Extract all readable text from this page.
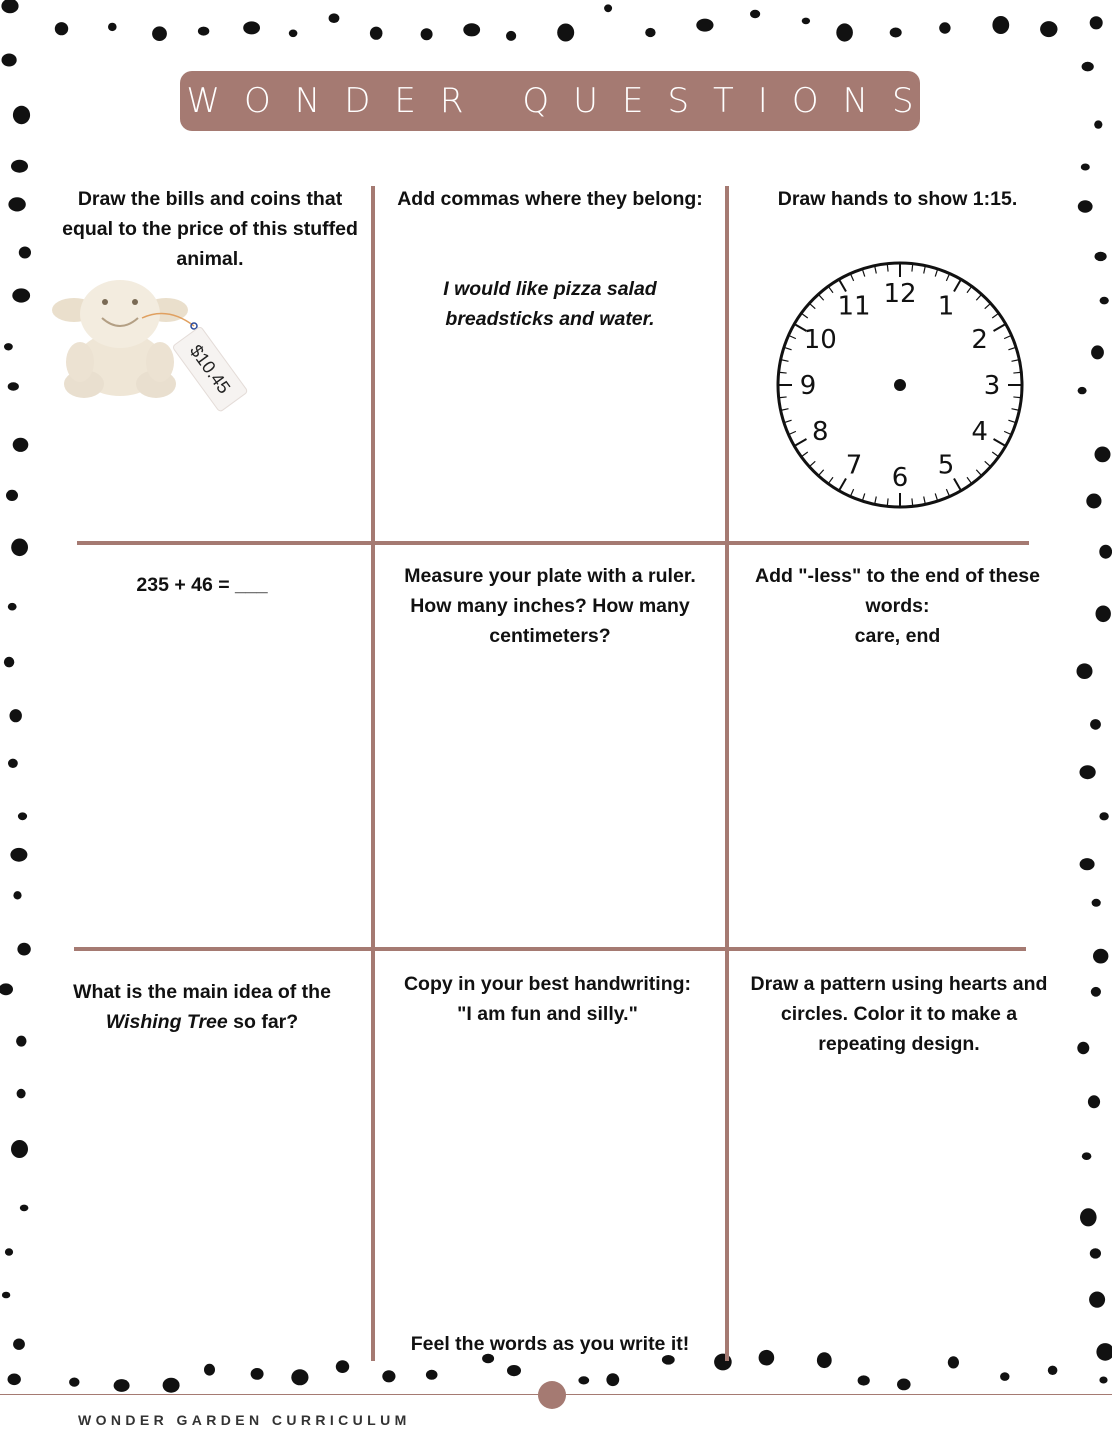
WONDER QUESTIONS
Draw the bills and coins that equal to the price of this stuffed animal.
$10.45
Add commas where they belong:
I would like pizza salad breadsticks and water.
Draw hands to show 1:15.
12 1
2
3
4
5
6
7
8
9
10
11
235 + 46 = ___	Measure your plate with a ruler. How many inches? How many centimeters?
Add "-less" to the end of these words:
care, end
What is the main idea of the
Wishing Tree so far?
Copy in your best handwriting:
"I am fun and silly."
Feel the words as you write it!
Draw a pattern using hearts and circles. Color it to make a repeating design.
WONDER GARDEN CURRICULUM
